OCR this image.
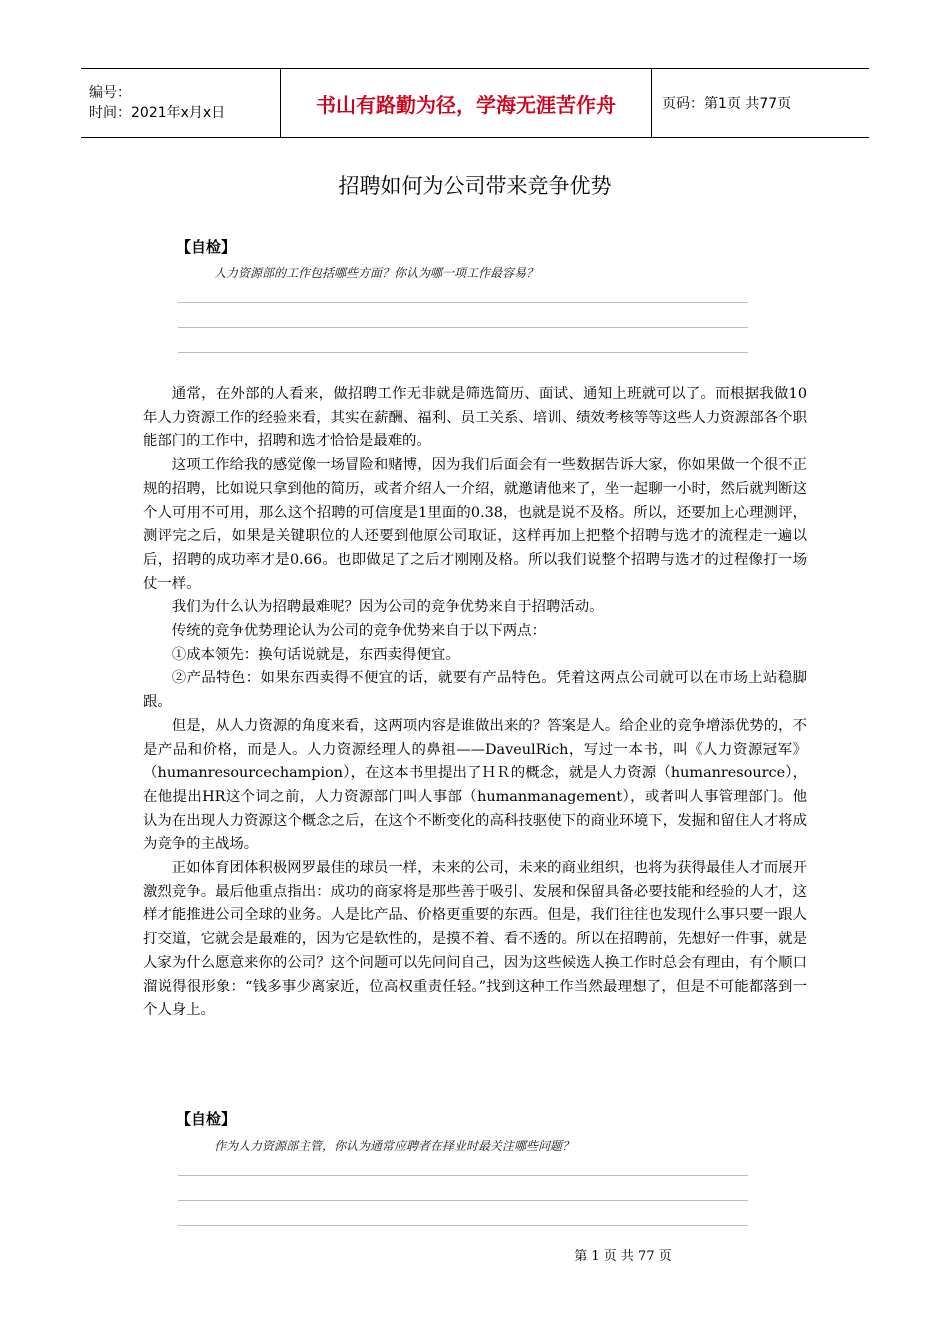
编号：
时间：2021年x月x日	书山有路勤为径，学海无涯苦作舟	页码：第1页 共77页
招聘如何为公司带来竞争优势
【自检】
人力资源部的工作包括哪些方面？你认为哪一项工作最容易？

通常，在外部的人看来，做招聘工作无非就是筛选简历、面试、通知上班就可以了。而根据我做10年人力资源工作的经验来看，其实在薪酬、福利、员工关系、培训、绩效考核等等这些人力资源部各个职能部门的工作中，招聘和选才恰恰是最难的。

这项工作给我的感觉像一场冒险和赌博，因为我们后面会有一些数据告诉大家，你如果做一个很不正规的招聘，比如说只拿到他的简历，或者介绍人一介绍，就邀请他来了，坐一起聊一小时，然后就判断这个人可用不可用，那么这个招聘的可信度是1里面的0.38，也就是说不及格。所以，还要加上心理测评，测评完之后，如果是关键职位的人还要到他原公司取证，这样再加上把整个招聘与选才的流程走一遍以后，招聘的成功率才是0.66。也即做足了之后才刚刚及格。所以我们说整个招聘与选才的过程像打一场仗一样。

我们为什么认为招聘最难呢？因为公司的竞争优势来自于招聘活动。

传统的竞争优势理论认为公司的竞争优势来自于以下两点：

①成本领先：换句话说就是，东西卖得便宜。

②产品特色：如果东西卖得不便宜的话，就要有产品特色。凭着这两点公司就可以在市场上站稳脚跟。

但是，从人力资源的角度来看，这两项内容是谁做出来的？答案是人。给企业的竞争增添优势的，不是产品和价格，而是人。人力资源经理人的鼻祖——DaveulRich，写过一本书，叫《人力资源冠军》（humanresourcechampion），在这本书里提出了ＨＲ的概念，就是人力资源（humanresource），在他提出HR这个词之前，人力资源部门叫人事部（humanmanagement），或者叫人事管理部门。他认为在出现人力资源这个概念之后，在这个不断变化的高科技驱使下的商业环境下，发掘和留住人才将成为竞争的主战场。

正如体育团体积极网罗最佳的球员一样，未来的公司，未来的商业组织，也将为获得最佳人才而展开激烈竞争。最后他重点指出：成功的商家将是那些善于吸引、发展和保留具备必要技能和经验的人才，这样才能推进公司全球的业务。人是比产品、价格更重要的东西。但是，我们往往也发现什么事只要一跟人打交道，它就会是最难的，因为它是软性的，是摸不着、看不透的。所以在招聘前，先想好一件事，就是人家为什么愿意来你的公司？这个问题可以先问问自己，因为这些候选人换工作时总会有理由，有个顺口溜说得很形象：“钱多事少离家近，位高权重责任轻。”找到这种工作当然最理想了，但是不可能都落到一个人身上。

【自检】
作为人力资源部主管，你认为通常应聘者在择业时最关注哪些问题？
第 1 页 共 77 页
